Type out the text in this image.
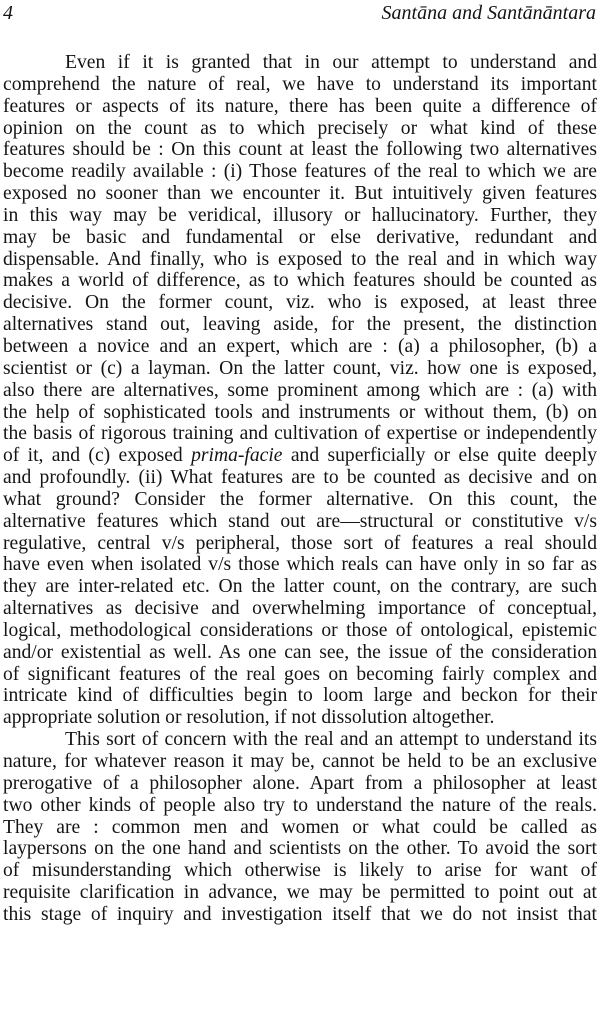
4	Santāna and Santānāntara
Even if it is granted that in our attempt to understand and
comprehend the nature of real, we have to understand its important
features or aspects of its nature, there has been quite a difference of
opinion on the count as to which precisely or what kind of these
features should be : On this count at least the following two alternatives
become readily available : (i) Those features of the real to which we are
exposed no sooner than we encounter it. But intuitively given features
in this way may be veridical, illusory or hallucinatory. Further, they
may be basic and fundamental or else derivative, redundant and
dispensable. And finally, who is exposed to the real and in which way
makes a world of difference, as to which features should be counted as
decisive. On the former count, viz. who is exposed, at least three
alternatives stand out, leaving aside, for the present, the distinction
between a novice and an expert, which are : (a) a philosopher, (b) a
scientist or (c) a layman. On the latter count, viz. how one is exposed,
also there are alternatives, some prominent among which are : (a) with
the help of sophisticated tools and instruments or without them, (b) on
the basis of rigorous training and cultivation of expertise or independently
of it, and (c) exposed prima-facie and superficially or else quite deeply
and profoundly. (ii) What features are to be counted as decisive and on
what ground? Consider the former alternative. On this count, the
alternative features which stand out are—structural or constitutive v/s
regulative, central v/s peripheral, those sort of features a real should
have even when isolated v/s those which reals can have only in so far as
they are inter-related etc. On the latter count, on the contrary, are such
alternatives as decisive and overwhelming importance of conceptual,
logical, methodological considerations or those of ontological, epistemic
and/or existential as well. As one can see, the issue of the consideration
of significant features of the real goes on becoming fairly complex and
intricate kind of difficulties begin to loom large and beckon for their
appropriate solution or resolution, if not dissolution altogether.
This sort of concern with the real and an attempt to understand its
nature, for whatever reason it may be, cannot be held to be an exclusive
prerogative of a philosopher alone. Apart from a philosopher at least
two other kinds of people also try to understand the nature of the reals.
They are : common men and women or what could be called as
laypersons on the one hand and scientists on the other. To avoid the sort
of misunderstanding which otherwise is likely to arise for want of
requisite clarification in advance, we may be permitted to point out at
this stage of inquiry and investigation itself that we do not insist that
